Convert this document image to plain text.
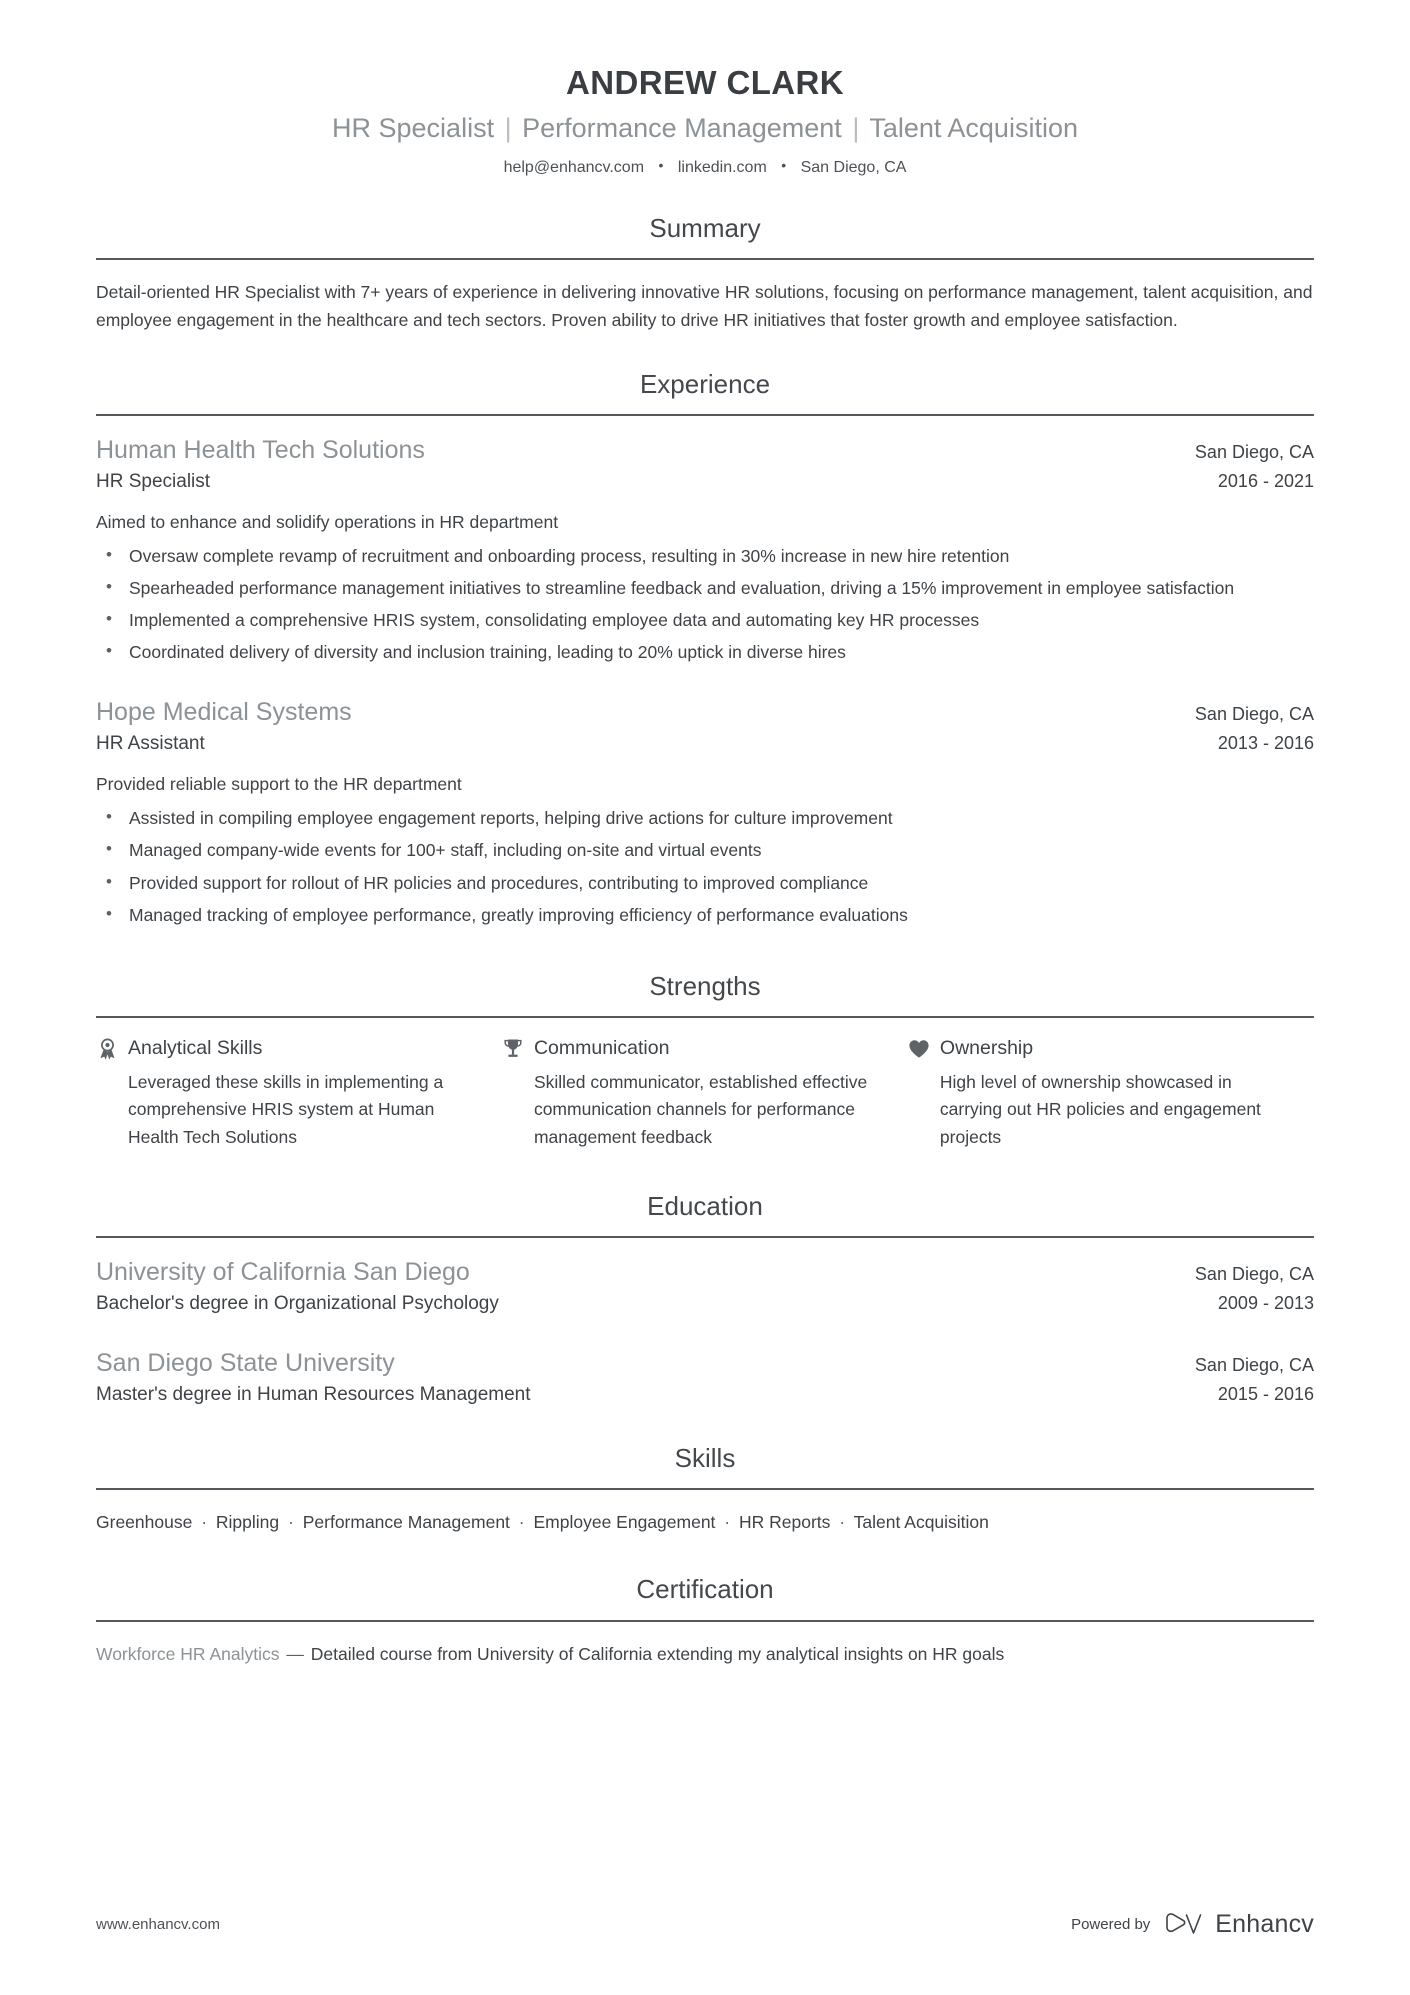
ANDREW CLARK
HR Specialist | Performance Management | Talent Acquisition
help@enhancv.com • linkedin.com • San Diego, CA
Summary
Detail-oriented HR Specialist with 7+ years of experience in delivering innovative HR solutions, focusing on performance management, talent acquisition, and employee engagement in the healthcare and tech sectors. Proven ability to drive HR initiatives that foster growth and employee satisfaction.
Experience
Human Health Tech Solutions	San Diego, CA
HR Specialist	2016 - 2021
Aimed to enhance and solidify operations in HR department
• Oversaw complete revamp of recruitment and onboarding process, resulting in 30% increase in new hire retention
• Spearheaded performance management initiatives to streamline feedback and evaluation, driving a 15% improvement in employee satisfaction
• Implemented a comprehensive HRIS system, consolidating employee data and automating key HR processes
• Coordinated delivery of diversity and inclusion training, leading to 20% uptick in diverse hires
Hope Medical Systems	San Diego, CA
HR Assistant	2013 - 2016
Provided reliable support to the HR department
• Assisted in compiling employee engagement reports, helping drive actions for culture improvement
• Managed company-wide events for 100+ staff, including on-site and virtual events
• Provided support for rollout of HR policies and procedures, contributing to improved compliance
• Managed tracking of employee performance, greatly improving efficiency of performance evaluations
Strengths
Analytical Skills
Leveraged these skills in implementing a comprehensive HRIS system at Human Health Tech Solutions
Communication
Skilled communicator, established effective communication channels for performance management feedback
Ownership
High level of ownership showcased in carrying out HR policies and engagement projects
Education
University of California San Diego	San Diego, CA
Bachelor's degree in Organizational Psychology	2009 - 2013
San Diego State University	San Diego, CA
Master's degree in Human Resources Management	2015 - 2016
Skills
Greenhouse · Rippling · Performance Management · Employee Engagement · HR Reports · Talent Acquisition
Certification
Workforce HR Analytics — Detailed course from University of California extending my analytical insights on HR goals
www.enhancv.com	Powered by	Enhancv
